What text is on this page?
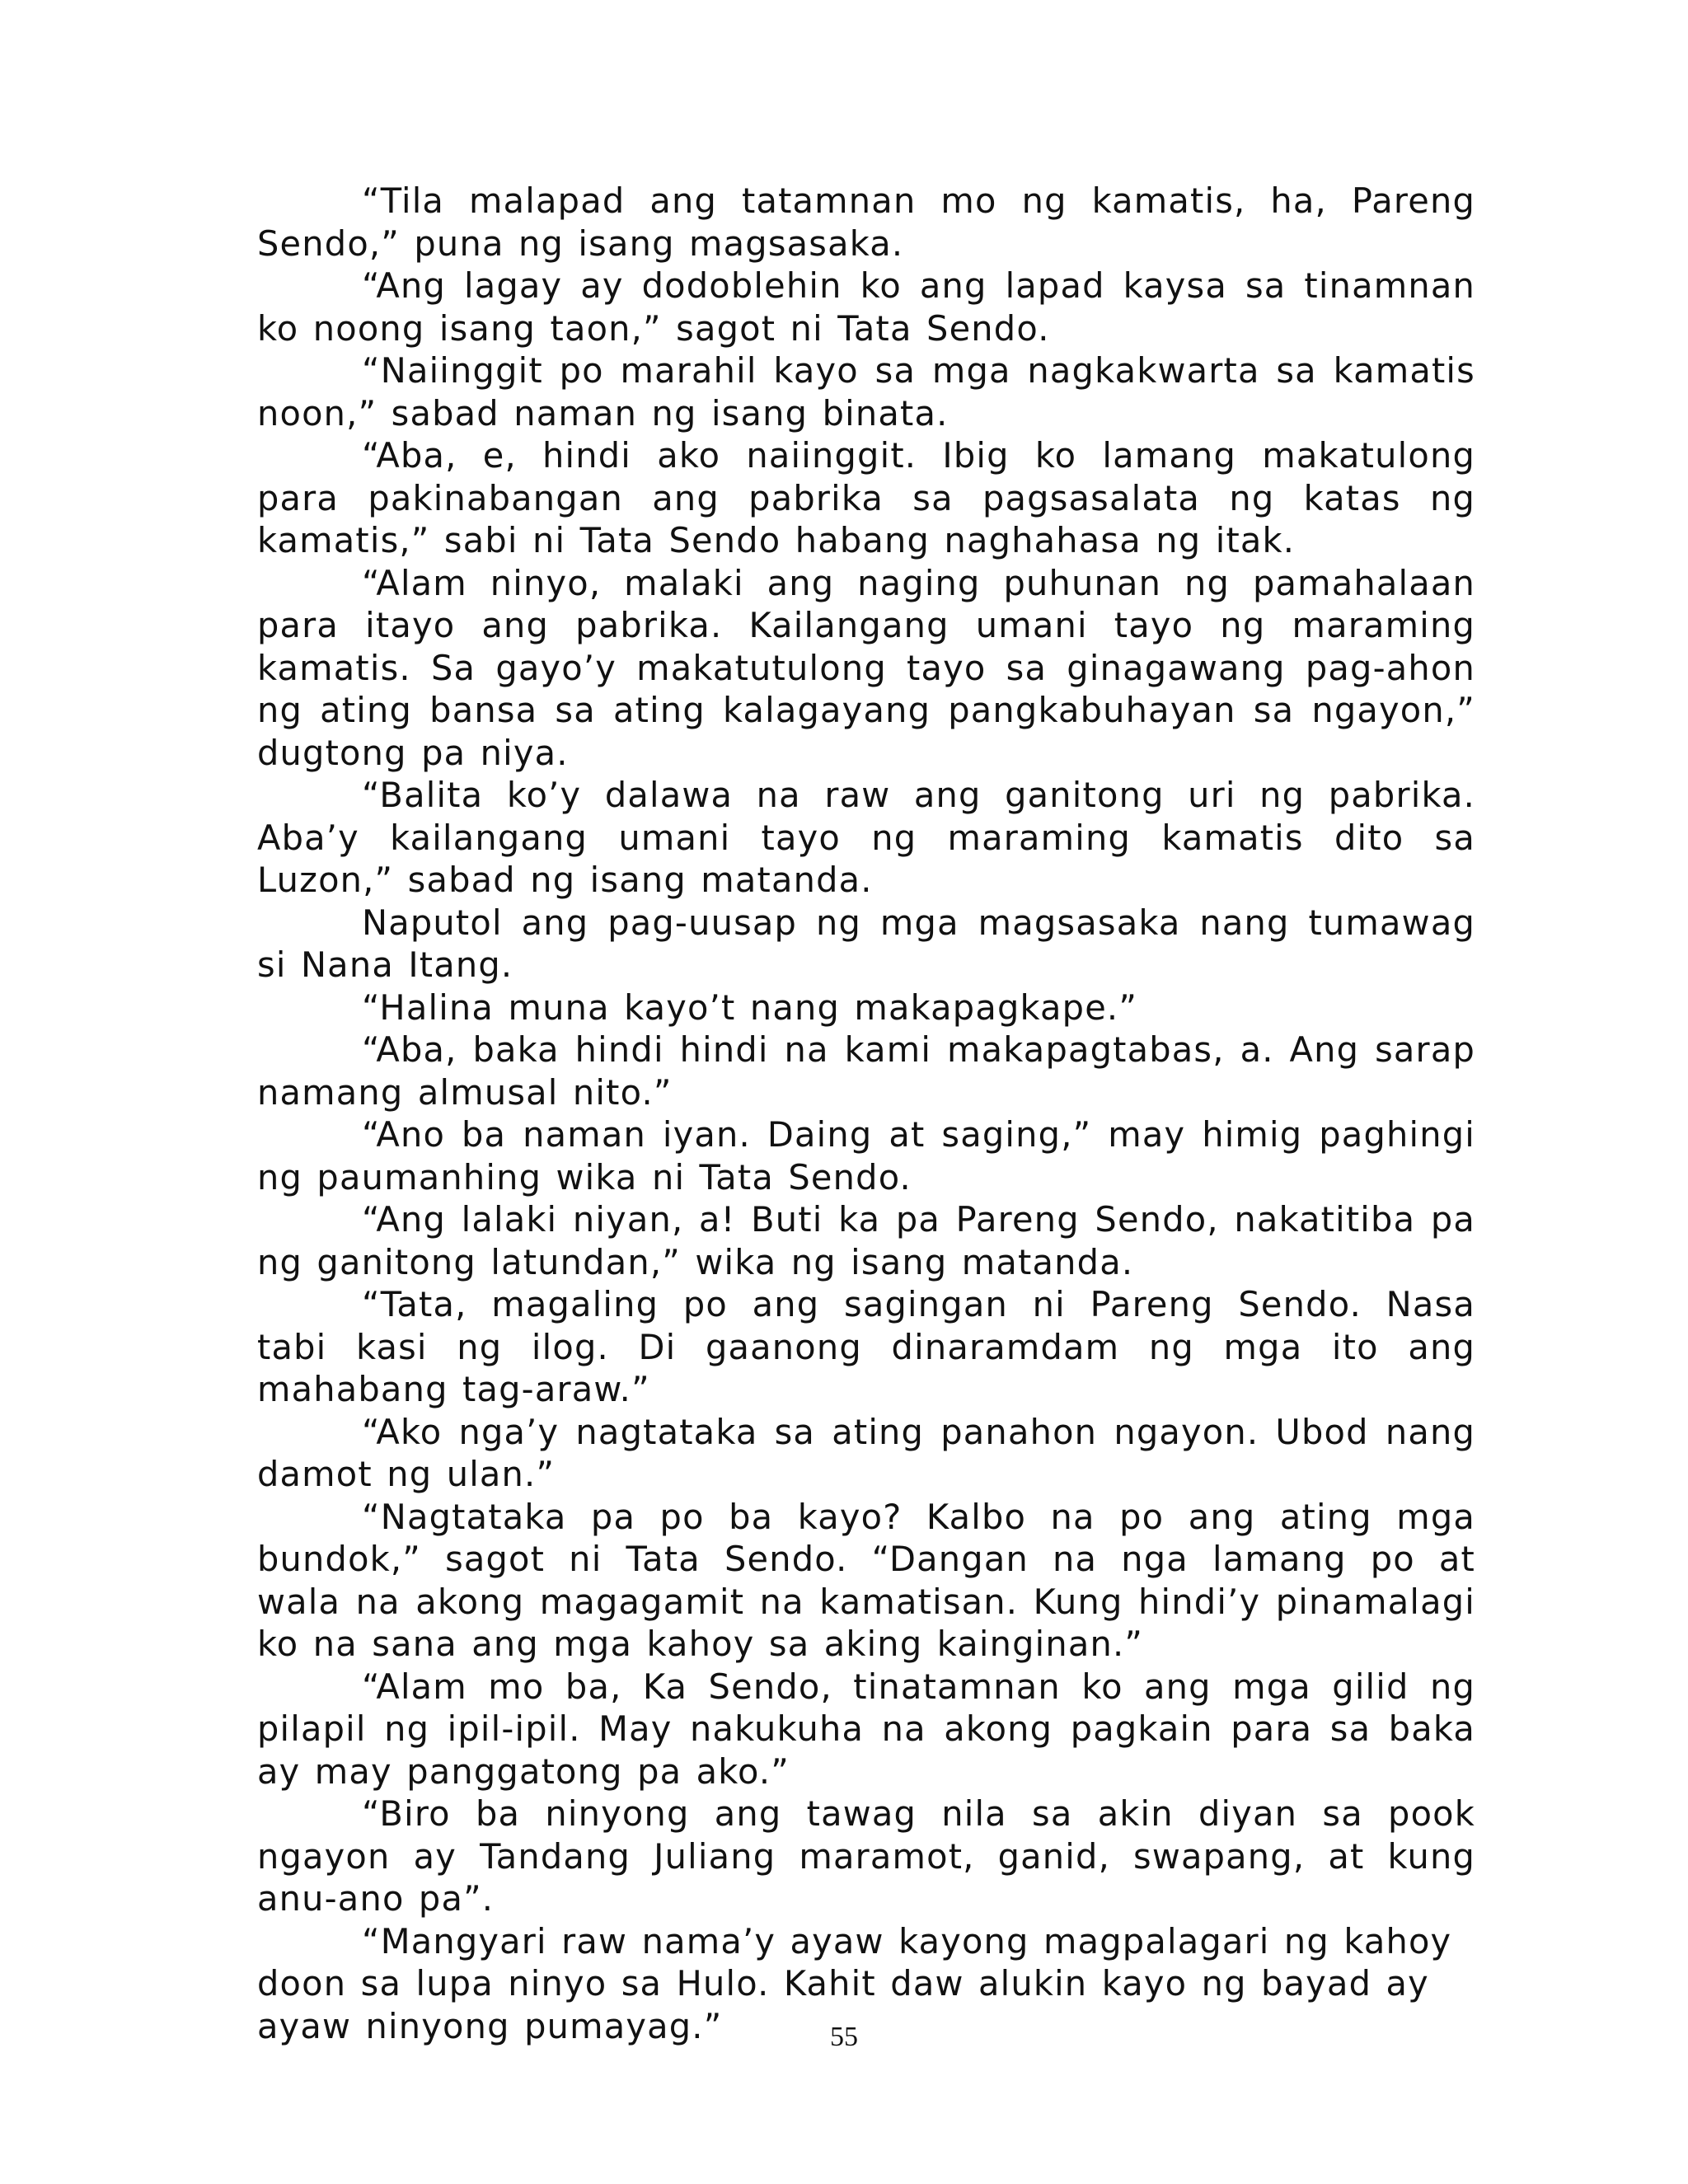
“Tila malapad ang tatamnan mo ng kamatis, ha, Pareng Sendo,” puna ng isang magsasaka.

“Ang lagay ay dodoblehin ko ang lapad kaysa sa tinamnan ko noong isang taon,” sagot ni Tata Sendo.

“Naiinggit po marahil kayo sa mga nagkakwarta sa kamatis noon,” sabad naman ng isang binata.

“Aba, e, hindi ako naiinggit. Ibig ko lamang makatulong para pakinabangan ang pabrika sa pagsasalata ng katas ng kamatis,” sabi ni Tata Sendo habang naghahasa ng itak.

“Alam ninyo, malaki ang naging puhunan ng pamahalaan para itayo ang pabrika. Kailangang umani tayo ng maraming kamatis. Sa gayo’y makatutulong tayo sa ginagawang pag-ahon ng ating bansa sa ating kalagayang pangkabuhayan sa ngayon,” dugtong pa niya.

“Balita ko’y dalawa na raw ang ganitong uri ng pabrika. Aba’y kailangang umani tayo ng maraming kamatis dito sa Luzon,” sabad ng isang matanda.

Naputol ang pag-uusap ng mga magsasaka nang tumawag si Nana Itang.

“Halina muna kayo’t nang makapagkape.”

“Aba, baka hindi hindi na kami makapagtabas, a. Ang sarap namang almusal nito.”

“Ano ba naman iyan. Daing at saging,” may himig paghingi ng paumanhing wika ni Tata Sendo.

“Ang lalaki niyan, a! Buti ka pa Pareng Sendo, nakatitiba pa ng ganitong latundan,” wika ng isang matanda.

“Tata, magaling po ang sagingan ni Pareng Sendo. Nasa tabi kasi ng ilog. Di gaanong dinaramdam ng mga ito ang mahabang tag-araw.”

“Ako nga’y nagtataka sa ating panahon ngayon. Ubod nang damot ng ulan.”

“Nagtataka pa po ba kayo? Kalbo na po ang ating mga bundok,” sagot ni Tata Sendo. “Dangan na nga lamang po at wala na akong magagamit na kamatisan. Kung hindi’y pinamalagi ko na sana ang mga kahoy sa aking kainginan.”

“Alam mo ba, Ka Sendo, tinatamnan ko ang mga gilid ng pilapil ng ipil-ipil. May nakukuha na akong pagkain para sa baka ay may panggatong pa ako.”

“Biro ba ninyong ang tawag nila sa akin diyan sa pook ngayon ay Tandang Juliang maramot, ganid, swapang, at kung anu-ano pa”.

“Mangyari raw nama’y ayaw kayong magpalagari ng kahoy doon sa lupa ninyo sa Hulo. Kahit daw alukin kayo ng bayad ay ayaw ninyong pumayag.”	55
